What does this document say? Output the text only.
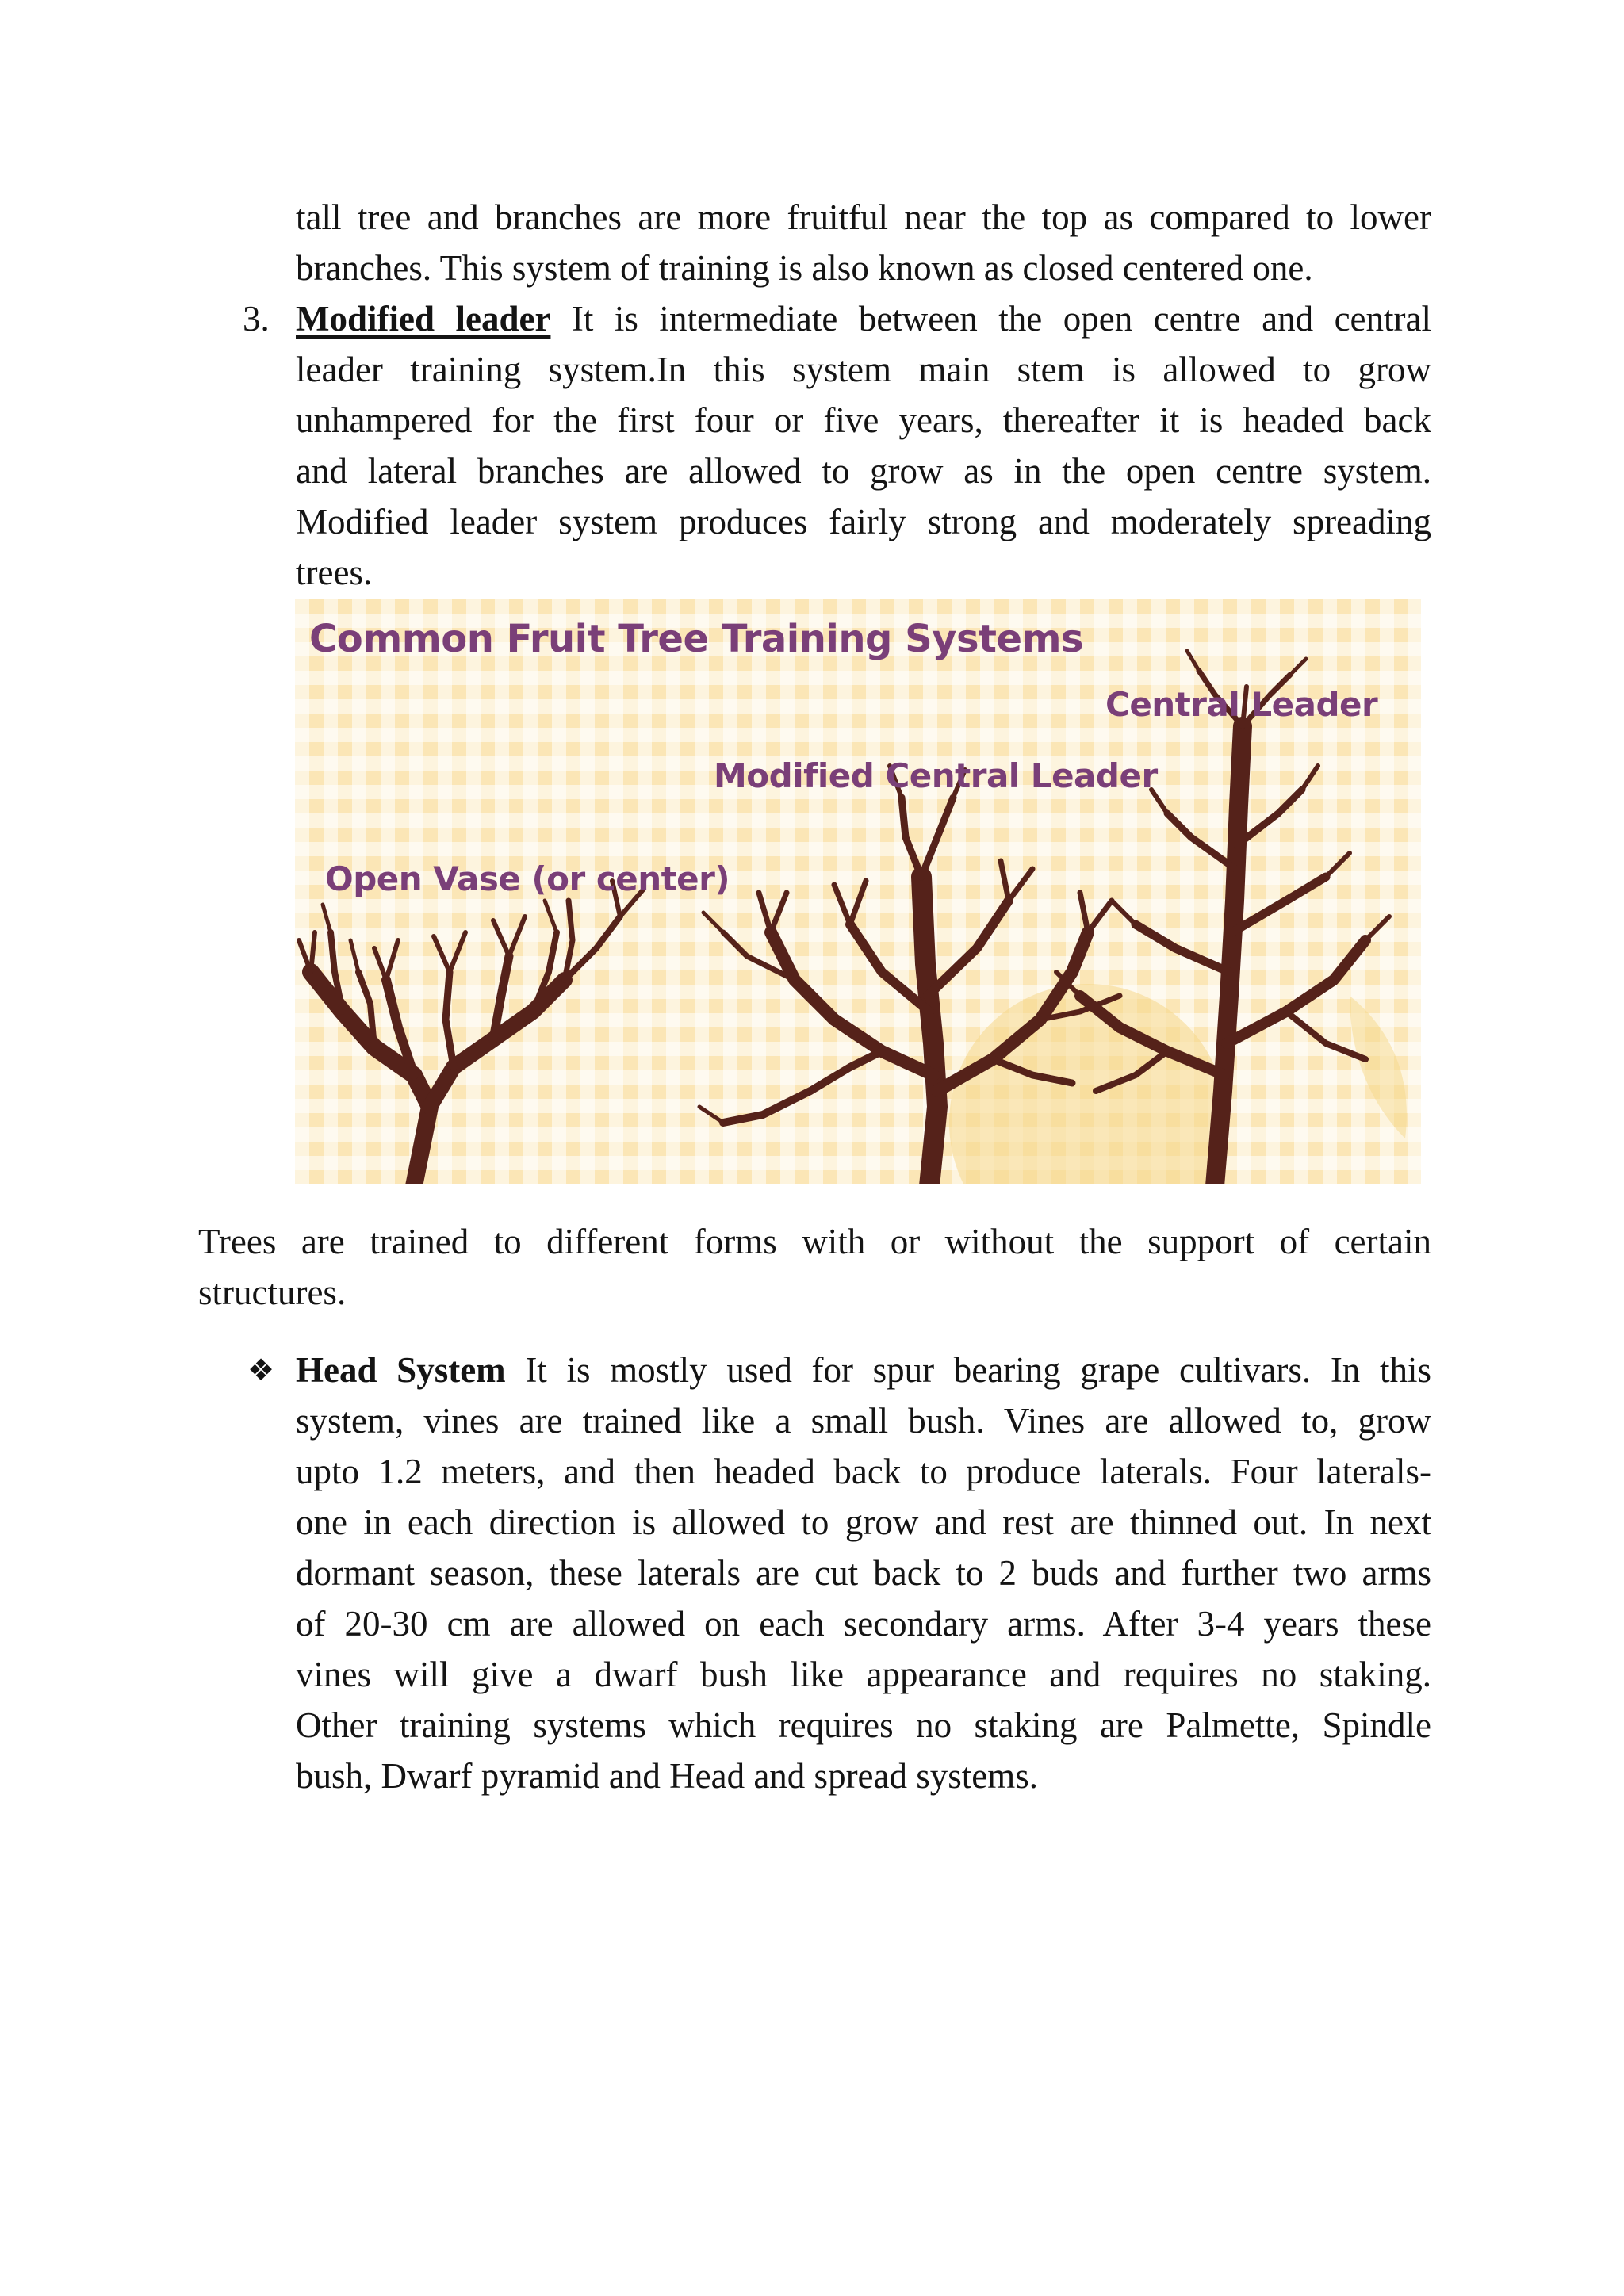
tall tree and branches are more fruitful near the top as compared to lower
branches. This system of training is also known as closed centered one.
3. Modified leader It is intermediate between the open centre and central
leader training system.In this system main stem is allowed to grow
unhampered for the first four or five years, thereafter it is headed back
and lateral branches are allowed to grow as in the open centre system.
Modified leader system produces fairly strong and moderately spreading
trees.
Common Fruit Tree Training Systems
Central Leader
Modified Central Leader
Open Vase (or center)
Trees are trained to different forms with or without the support of certain
structures.
❖ Head System It is mostly used for spur bearing grape cultivars. In this
system, vines are trained like a small bush. Vines are allowed to, grow
upto 1.2 meters, and then headed back to produce laterals. Four laterals-
one in each direction is allowed to grow and rest are thinned out. In next
dormant season, these laterals are cut back to 2 buds and further two arms
of 20-30 cm are allowed on each secondary arms. After 3-4 years these
vines will give a dwarf bush like appearance and requires no staking.
Other training systems which requires no staking are Palmette, Spindle
bush, Dwarf pyramid and Head and spread systems.
